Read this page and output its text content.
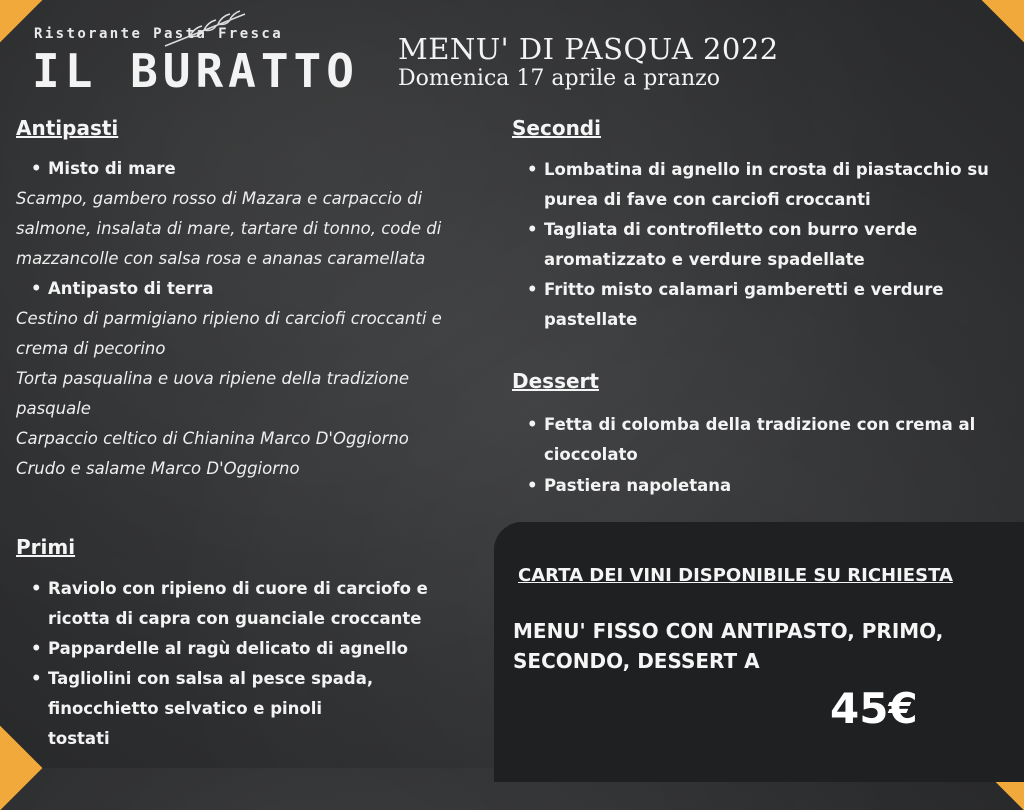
Ristorante Pasta Fresca
IL BURATTO MENU' DI PASQUA 2022
Domenica 17 aprile a pranzo
Antipasti
• Misto di mare
Scampo, gambero rosso di Mazara e carpaccio di salmone, insalata di mare, tartare di tonno, code di mazzancolle con salsa rosa e ananas caramellata
• Antipasto di terra
Cestino di parmigiano ripieno di carciofi croccanti e crema di pecorino
Torta pasqualina e uova ripiene della tradizione pasquale
Carpaccio celtico di Chianina Marco D'Oggiorno
Crudo e salame Marco D'Oggiorno
Primi
• Raviolo con ripieno di cuore di carciofo e ricotta di capra con guanciale croccante
• Pappardelle al ragù delicato di agnello
• Tagliolini con salsa al pesce spada, finocchietto selvatico e pinoli tostati
Secondi
• Lombatina di agnello in crosta di piastacchio su purea di fave con carciofi croccanti
• Tagliata di controfiletto con burro verde aromatizzato e verdure spadellate
• Fritto misto calamari gamberetti e verdure pastellate
Dessert
• Fetta di colomba della tradizione con crema al cioccolato
• Pastiera napoletana
CARTA DEI VINI DISPONIBILE SU RICHIESTA
MENU' FISSO CON ANTIPASTO, PRIMO, SECONDO, DESSERT A
45€
